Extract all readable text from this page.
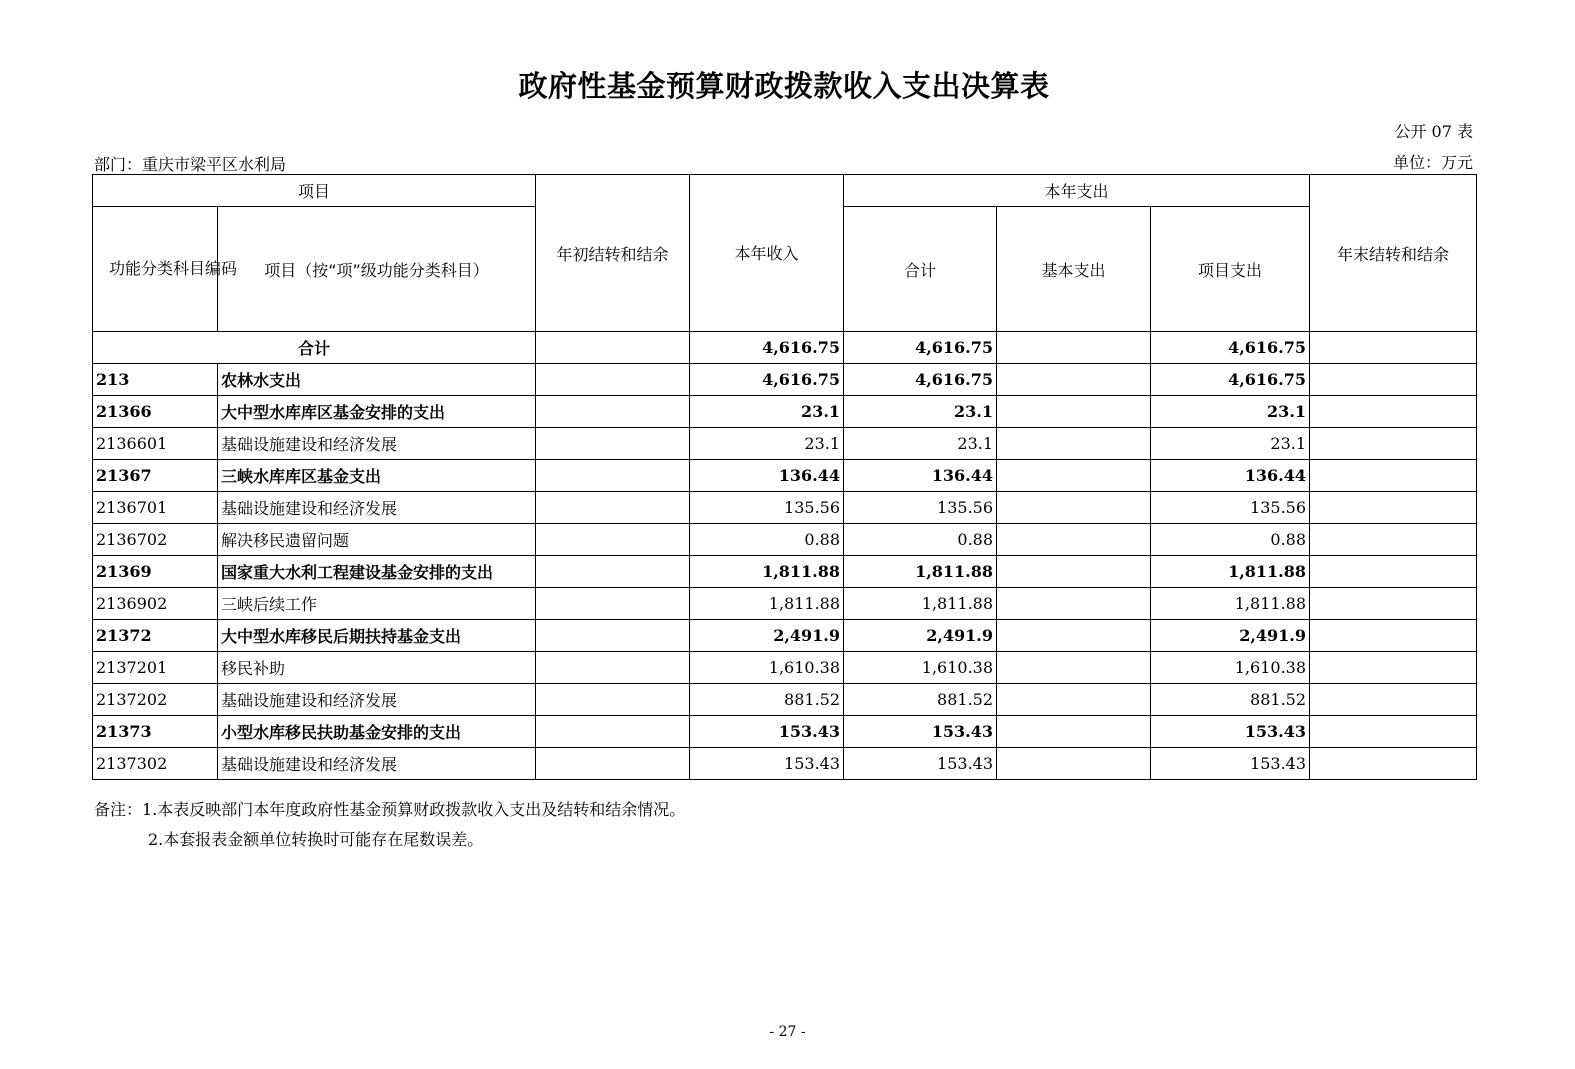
政府性基金预算财政拨款收入支出决算表
公开 07 表
部门：重庆市梁平区水利局	单位：万元
项目		年初结转和结余	本年收入	本年支出			年末结转和结余
功能分类科目编码	项目（按“项”级功能分类科目）			合计	基本支出	项目支出	
合计			4,616.75	4,616.75		4,616.75	
213	农林水支出		4,616.75	4,616.75		4,616.75	
21366	大中型水库库区基金安排的支出		23.1	23.1		23.1	
2136601	基础设施建设和经济发展		23.1	23.1		23.1	
21367	三峡水库库区基金支出		136.44	136.44		136.44	
2136701	基础设施建设和经济发展		135.56	135.56		135.56	
2136702	解决移民遗留问题		0.88	0.88		0.88	
21369	国家重大水利工程建设基金安排的支出		1,811.88	1,811.88		1,811.88	
2136902	三峡后续工作		1,811.88	1,811.88		1,811.88	
21372	大中型水库移民后期扶持基金支出		2,491.9	2,491.9		2,491.9	
2137201	移民补助		1,610.38	1,610.38		1,610.38	
2137202	基础设施建设和经济发展		881.52	881.52		881.52	
21373	小型水库移民扶助基金安排的支出		153.43	153.43		153.43	
2137302	基础设施建设和经济发展		153.43	153.43		153.43	
备注：1.本表反映部门本年度政府性基金预算财政拨款收入支出及结转和结余情况。
2.本套报表金额单位转换时可能存在尾数误差。
- 27 -
